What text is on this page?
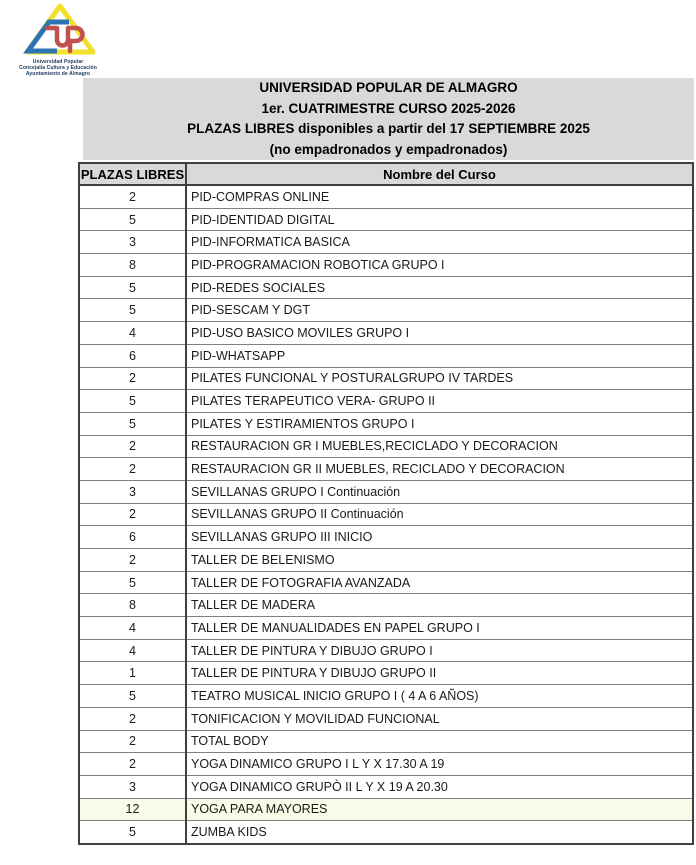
Universidad Popular
Concejalía Cultura y Educación
Ayuntamiento de Almagro
UNIVERSIDAD POPULAR DE ALMAGRO
1er. CUATRIMESTRE CURSO 2025-2026
PLAZAS LIBRES disponibles a partir del 17 SEPTIEMBRE 2025
(no empadronados y empadronados)
PLAZAS LIBRES	Nombre del Curso
2	PID-COMPRAS ONLINE
5	PID-IDENTIDAD DIGITAL
3	PID-INFORMATICA BASICA
8	PID-PROGRAMACION ROBOTICA GRUPO I
5	PID-REDES SOCIALES
5	PID-SESCAM Y DGT
4	PID-USO BASICO MOVILES GRUPO I
6	PID-WHATSAPP
2	PILATES FUNCIONAL Y POSTURALGRUPO IV TARDES
5	PILATES TERAPEUTICO VERA- GRUPO II
5	PILATES Y ESTIRAMIENTOS GRUPO I
2	RESTAURACION GR I MUEBLES,RECICLADO Y DECORACION
2	RESTAURACION GR II MUEBLES, RECICLADO Y DECORACION
3	SEVILLANAS GRUPO I Continuación
2	SEVILLANAS GRUPO II Continuación
6	SEVILLANAS GRUPO III INICIO
2	TALLER DE BELENISMO
5	TALLER DE FOTOGRAFIA AVANZADA
8	TALLER DE MADERA
4	TALLER DE MANUALIDADES EN PAPEL GRUPO I
4	TALLER DE PINTURA Y DIBUJO GRUPO I
1	TALLER DE PINTURA Y DIBUJO GRUPO II
5	TEATRO MUSICAL INICIO GRUPO I ( 4 A 6 AÑOS)
2	TONIFICACION Y MOVILIDAD FUNCIONAL
2	TOTAL BODY
2	YOGA DINAMICO GRUPO I L Y X 17.30 A 19
3	YOGA DINAMICO GRUPÒ II L Y X 19 A 20.30
12	YOGA PARA MAYORES
5	ZUMBA KIDS
